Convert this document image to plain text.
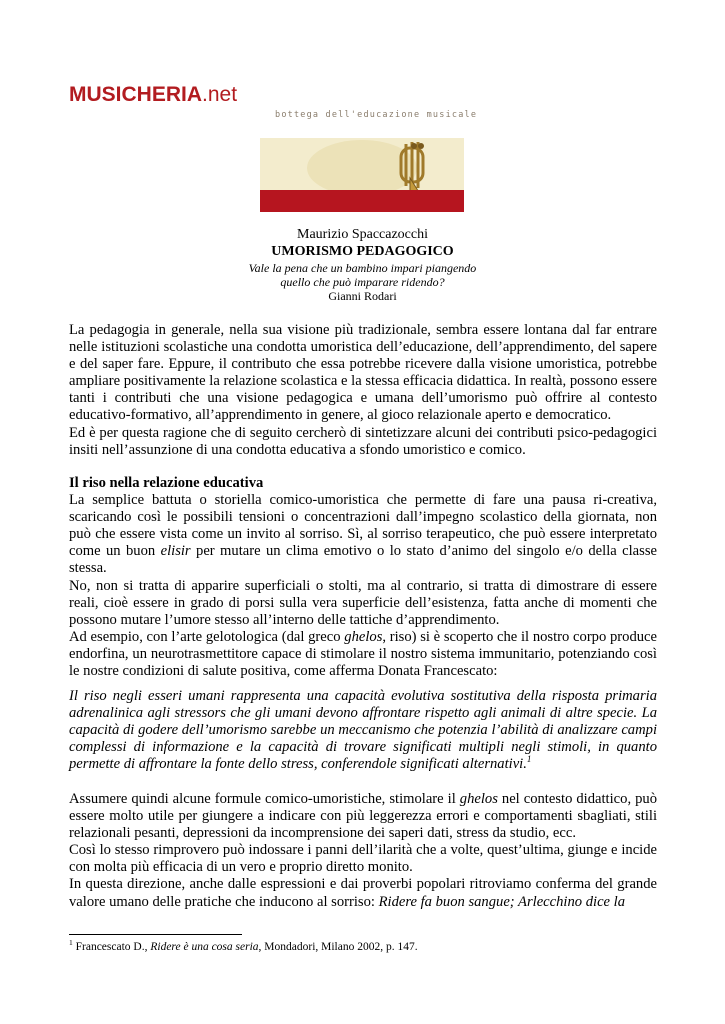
MUSICHERIA.net
bottega dell'educazione musicale
Maurizio Spaccazocchi
UMORISMO PEDAGOGICO
Vale la pena che un bambino impari piangendo
quello che può imparare ridendo?
Gianni Rodari

La pedagogia in generale, nella sua visione più tradizionale, sembra essere lontana dal far entrare nelle istituzioni scolastiche una condotta umoristica dell’educazione, dell’apprendimento, del sapere e del saper fare. Eppure, il contributo che essa potrebbe ricevere dalla visione umoristica, potrebbe ampliare positivamente la relazione scolastica e la stessa efficacia didattica. In realtà, possono essere tanti i contributi che una visione pedagogica e umana dell’umorismo può offrire al contesto educativo-formativo, all’apprendimento in genere, al gioco relazionale aperto e democratico.

Ed è per questa ragione che di seguito cercherò di sintetizzare alcuni dei contributi psico-pedagogici insiti nell’assunzione di una condotta educativa a sfondo umoristico e comico.

Il riso nella relazione educativa

La semplice battuta o storiella comico-umoristica che permette di fare una pausa ri-creativa, scaricando così le possibili tensioni o concentrazioni dall’impegno scolastico della giornata, non può che essere vista come un invito al sorriso. Sì, al sorriso terapeutico, che può essere interpretato come un buon elisir per mutare un clima emotivo o lo stato d’animo del singolo e/o della classe stessa.

No, non si tratta di apparire superficiali o stolti, ma al contrario, si tratta di dimostrare di essere reali, cioè essere in grado di porsi sulla vera superficie dell’esistenza, fatta anche di momenti che possono mutare l’umore stesso all’interno delle tattiche d’apprendimento.

Ad esempio, con l’arte gelotologica (dal greco ghelos, riso) si è scoperto che il nostro corpo produce endorfina, un neurotrasmettitore capace di stimolare il nostro sistema immunitario, potenziando così le nostre condizioni di salute positiva, come afferma Donata Francescato:

Il riso negli esseri umani rappresenta una capacità evolutiva sostitutiva della risposta primaria adrenalinica agli stressors che gli umani devono affrontare rispetto agli animali di altre specie. La capacità di godere dell’umorismo sarebbe un meccanismo che potenzia l’abilità di analizzare campi complessi di informazione e la capacità di trovare significati multipli negli stimoli, in quanto permette di affrontare la fonte dello stress, conferendole significati alternativi.$^1$

Assumere quindi alcune formule comico-umoristiche, stimolare il ghelos nel contesto didattico, può essere molto utile per giungere a indicare con più leggerezza errori e comportamenti sbagliati, stili relazionali pesanti, depressioni da incomprensione dei saperi dati, stress da studio, ecc.

Così lo stesso rimprovero può indossare i panni dell’ilarità che a volte, quest’ultima, giunge e incide con molta più efficacia di un vero e proprio diretto monito.

In questa direzione, anche dalle espressioni e dai proverbi popolari ritroviamo conferma del grande valore umano delle pratiche che inducono al sorriso: Ridere fa buon sangue; Arlecchino dice la

$^1$ Francescato D., Ridere è una cosa seria, Mondadori, Milano 2002, p. 147.
